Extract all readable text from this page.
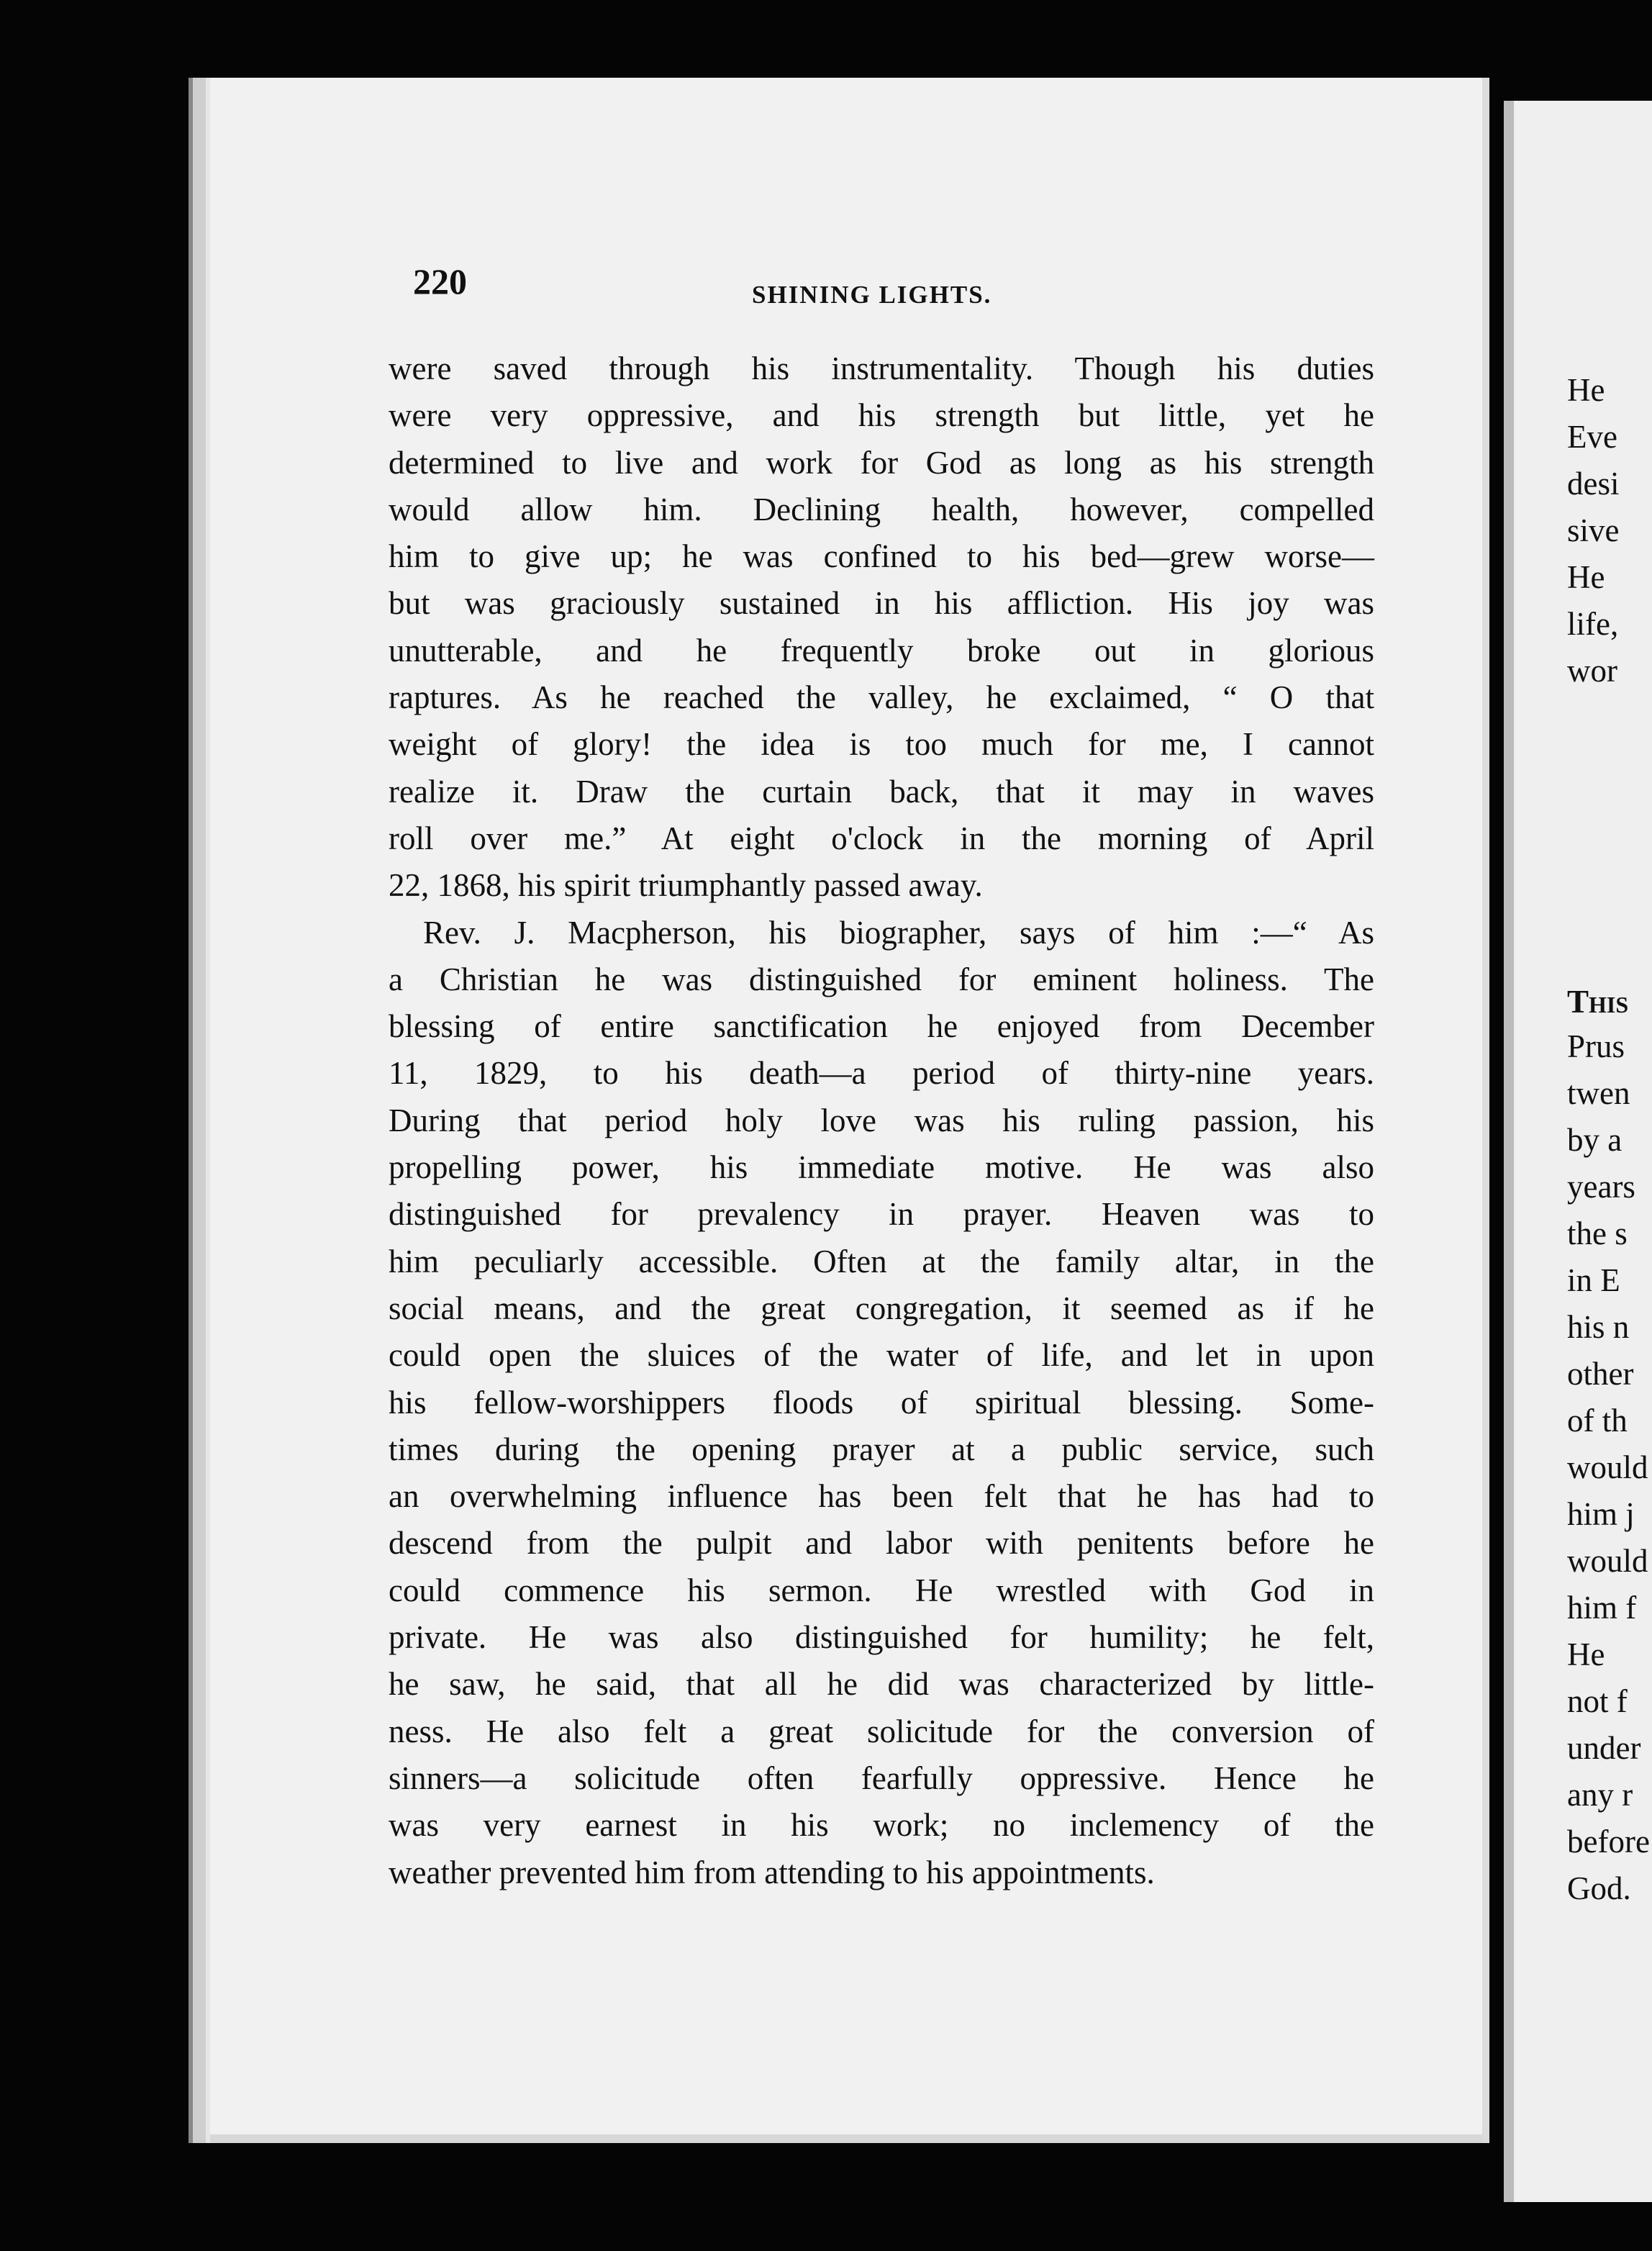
220	SHINING LIGHTS.
were saved through his instrumentality. Though his duties
were very oppressive, and his strength but little, yet he
determined to live and work for God as long as his strength
would allow him. Declining health, however, compelled
him to give up; he was confined to his bed—grew worse—
but was graciously sustained in his affliction. His joy was
unutterable, and he frequently broke out in glorious
raptures. As he reached the valley, he exclaimed, “ O that
weight of glory! the idea is too much for me, I cannot
realize it. Draw the curtain back, that it may in waves
roll over me.” At eight o'clock in the morning of April
22, 1868, his spirit triumphantly passed away.
Rev. J. Macpherson, his biographer, says of him :—“ As
a Christian he was distinguished for eminent holiness. The
blessing of entire sanctification he enjoyed from December
11, 1829, to his death—a period of thirty-nine years.
During that period holy love was his ruling passion, his
propelling power, his immediate motive. He was also
distinguished for prevalency in prayer. Heaven was to
him peculiarly accessible. Often at the family altar, in the
social means, and the great congregation, it seemed as if he
could open the sluices of the water of life, and let in upon
his fellow-worshippers floods of spiritual blessing. Some-
times during the opening prayer at a public service, such
an overwhelming influence has been felt that he has had to
descend from the pulpit and labor with penitents before he
could commence his sermon. He wrestled with God in
private. He was also distinguished for humility; he felt,
he saw, he said, that all he did was characterized by little-
ness. He also felt a great solicitude for the conversion of
sinners—a solicitude often fearfully oppressive. Hence he
was very earnest in his work; no inclemency of the
weather prevented him from attending to his appointments.
He
Eve
desi
sive
He
life,
wor
This
Prus
twen
by a
years
the s
in E
his n
other
of th
would
him j
would
him f
He
not f
under
any r
before
God.
